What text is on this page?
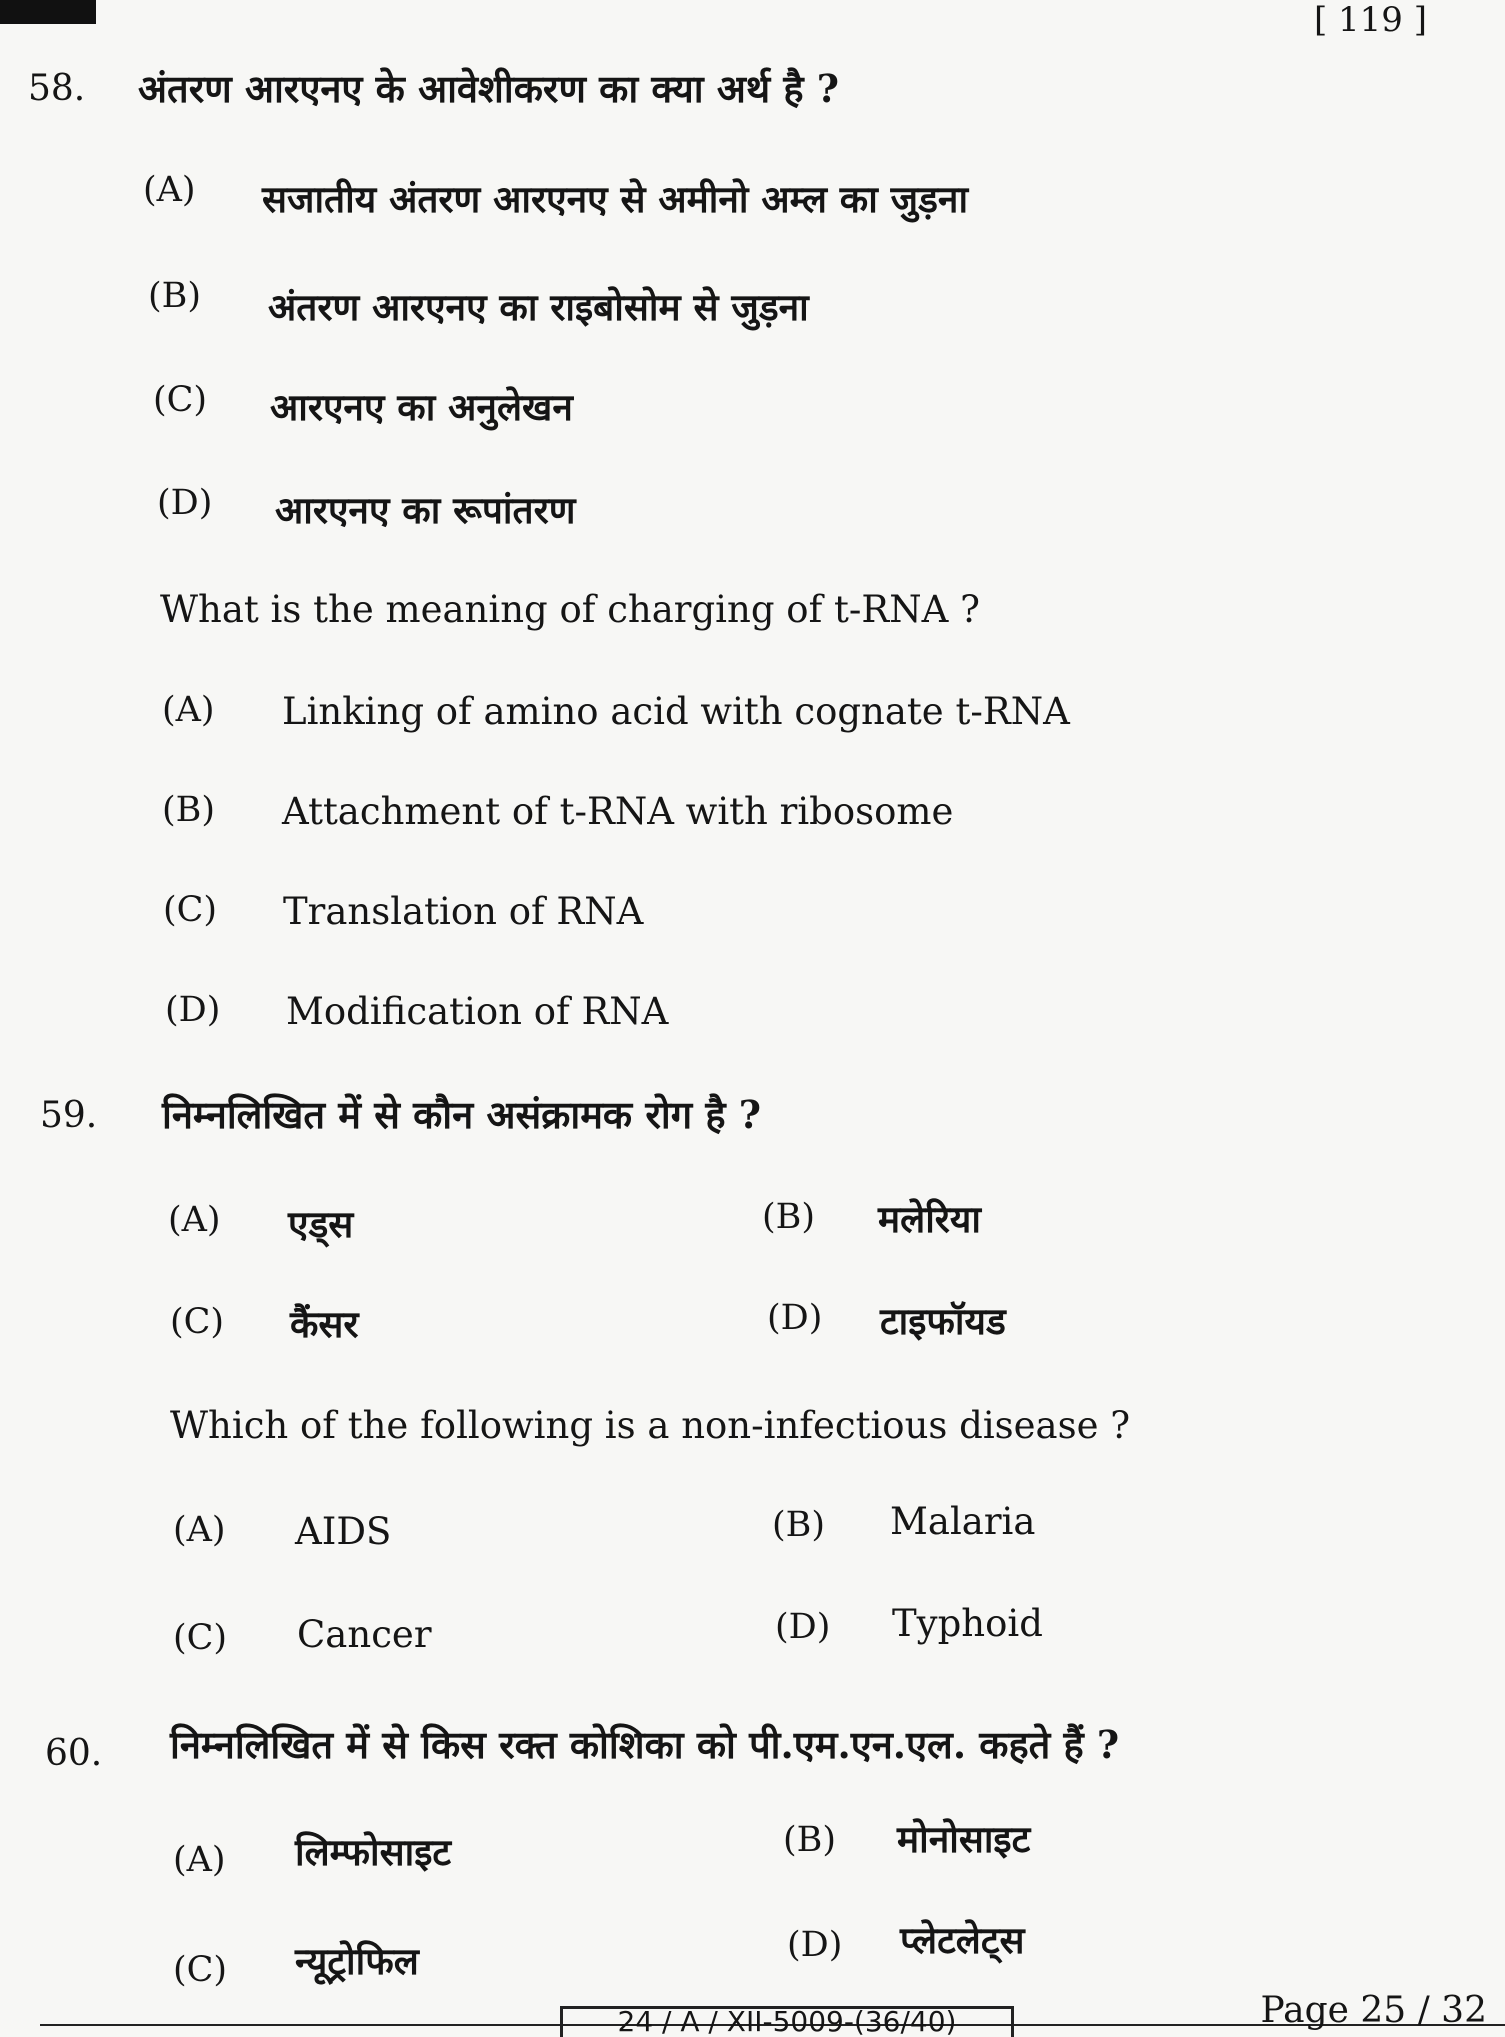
[ 119 ]
58. अंतरण आरएनए के आवेशीकरण का क्या अर्थ है ?
(A) सजातीय अंतरण आरएनए से अमीनो अम्ल का जुड़ना
(B) अंतरण आरएनए का राइबोसोम से जुड़ना
(C) आरएनए का अनुलेखन
(D) आरएनए का रूपांतरण
What is the meaning of charging of t-RNA ?
(A) Linking of amino acid with cognate t-RNA
(B) Attachment of t-RNA with ribosome
(C) Translation of RNA
(D) Modification of RNA
59. निम्नलिखित में से कौन असंक्रामक रोग है ?
(A) एड्स	(B) मलेरिया
(C) कैंसर	(D) टाइफॉयड
Which of the following is a non-infectious disease ?
(A) AIDS	(B) Malaria
(C) Cancer	(D) Typhoid
60. निम्नलिखित में से किस रक्त कोशिका को पी.एम.एन.एल. कहते हैं ?
(A) लिम्फोसाइट	(B) मोनोसाइट
(C) न्यूट्रोफिल	(D) प्लेटलेट्स
24 / A / XII-5009-(36/40)	Page 25 / 32
